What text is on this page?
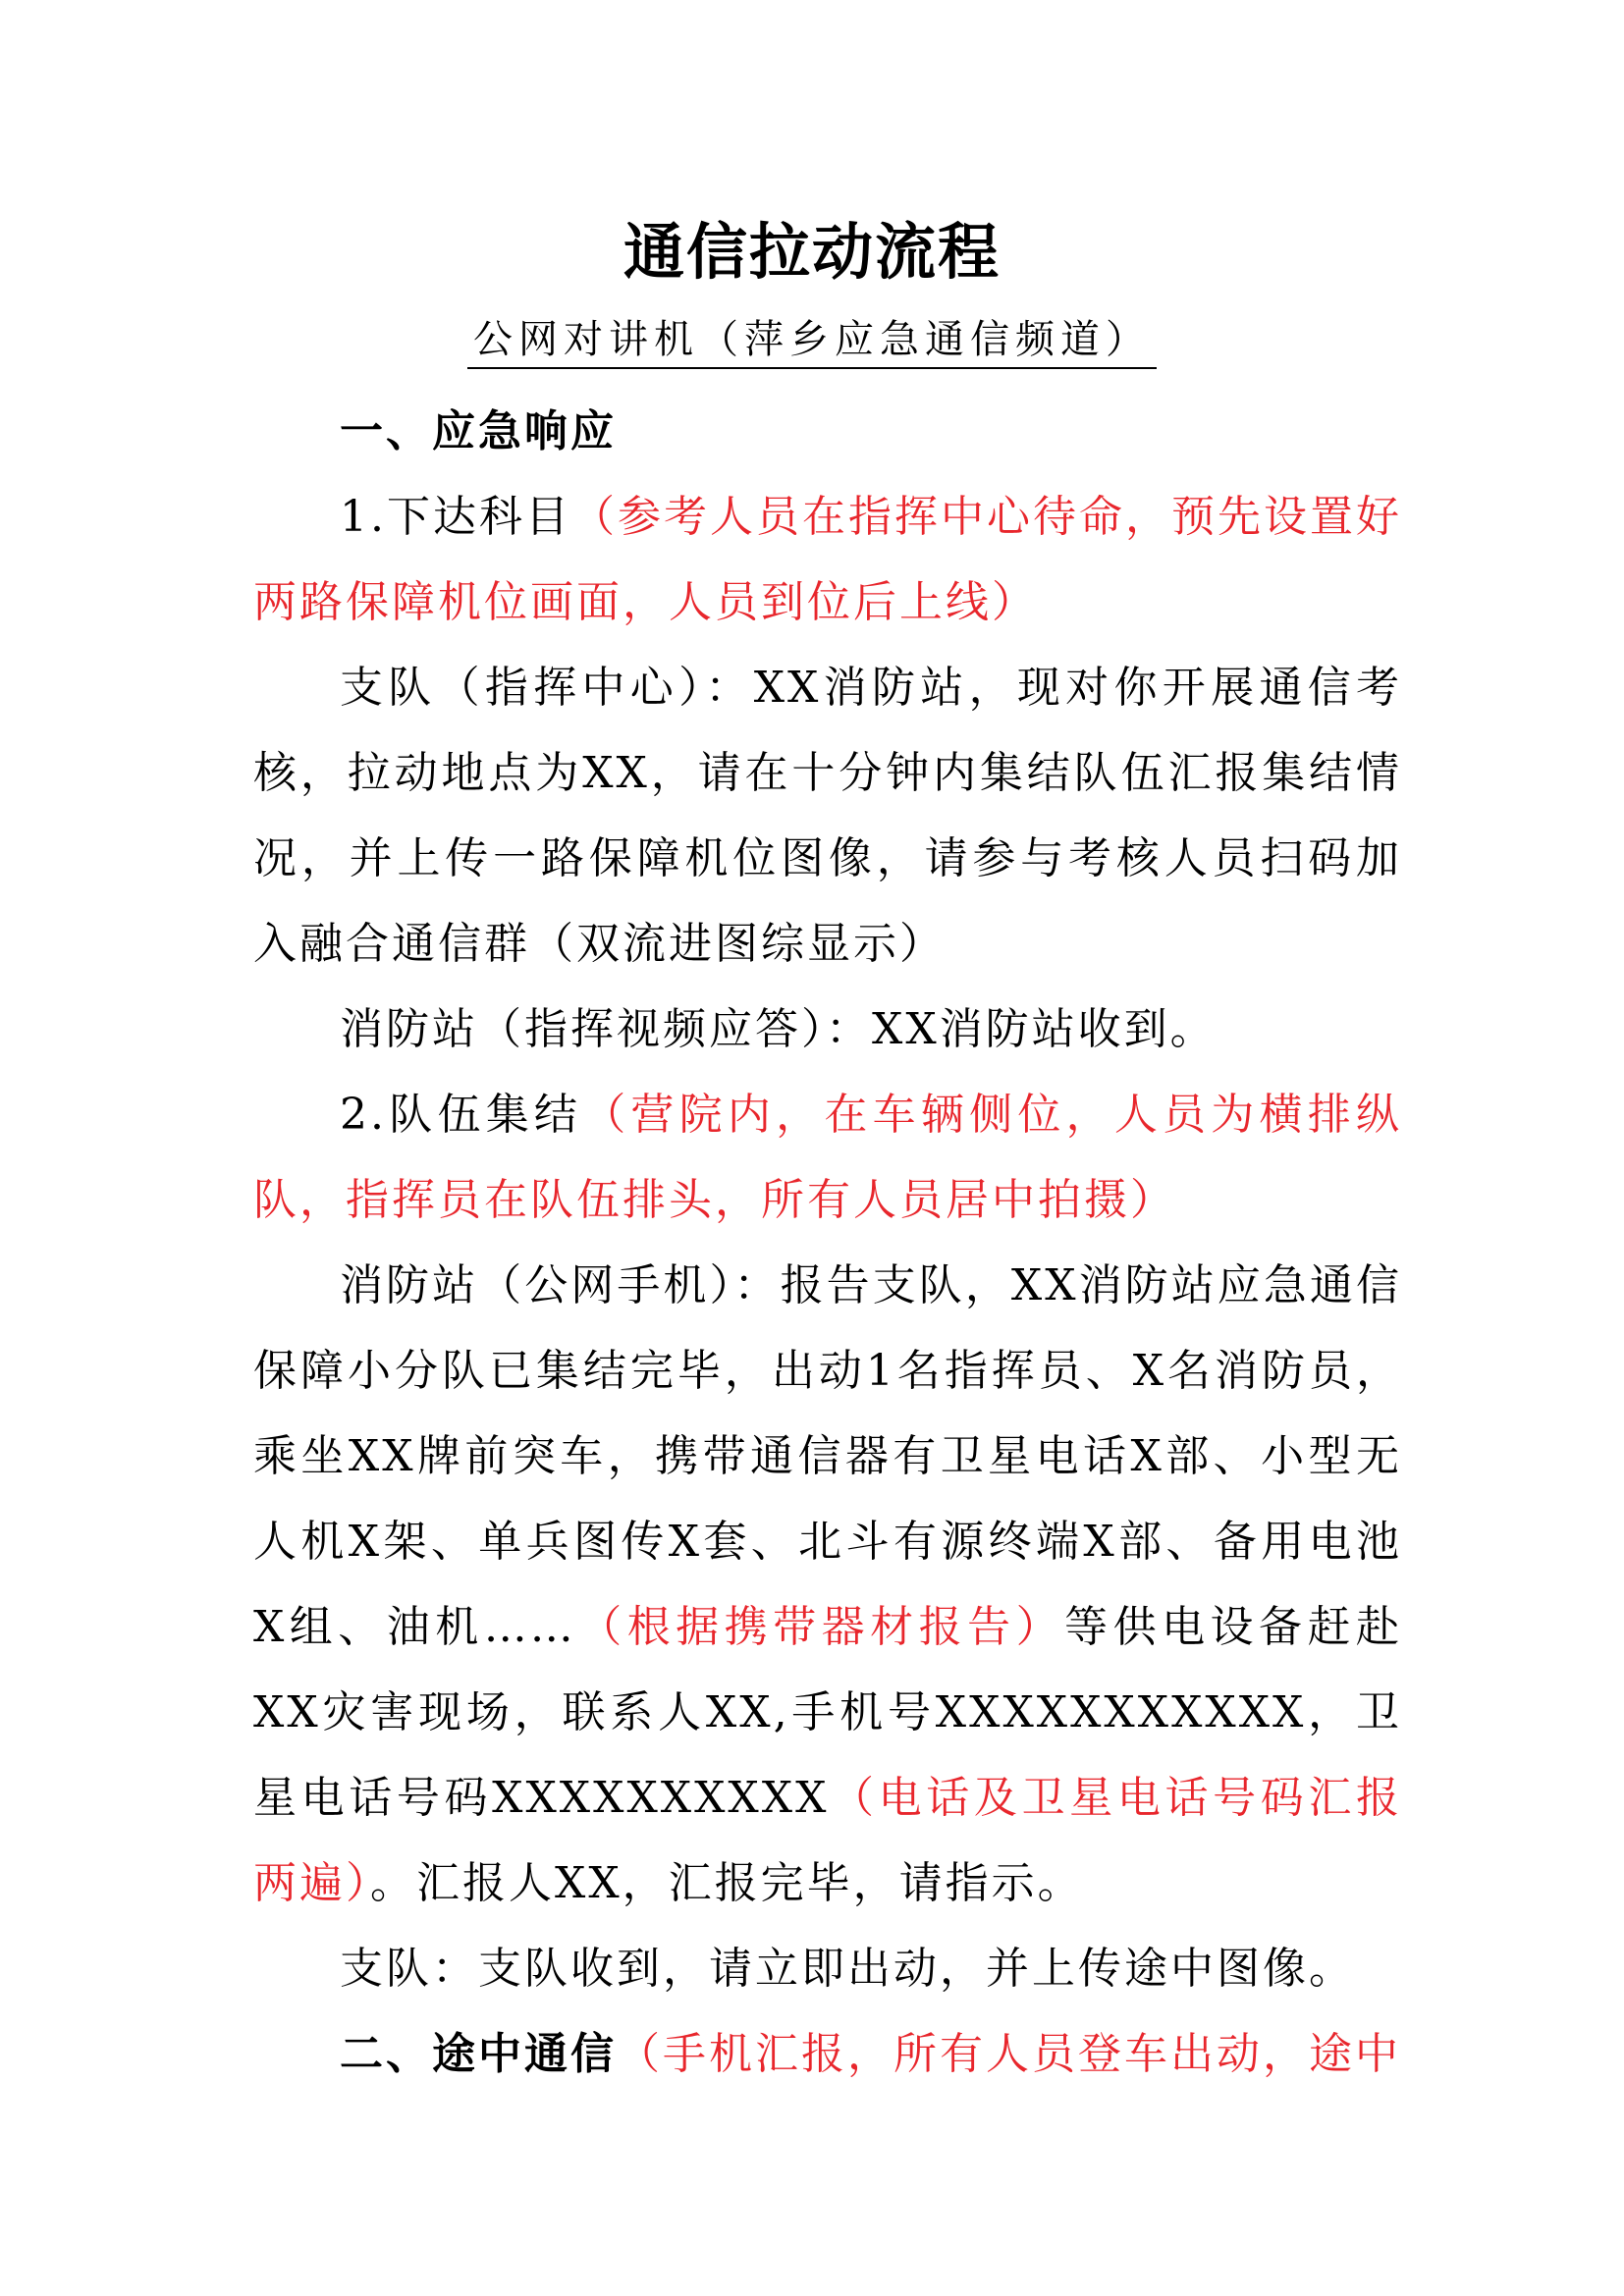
通信拉动流程
公网对讲机（萍乡应急通信频道）

一、应急响应

1.下达科目（参考人员在指挥中心待命，预先设置好两路保障机位画面，人员到位后上线）

支队（指挥中心）：XX消防站，现对你开展通信考核，拉动地点为XX，请在十分钟内集结队伍汇报集结情况，并上传一路保障机位图像，请参与考核人员扫码加入融合通信群（双流进图综显示）

消防站（指挥视频应答）：XX消防站收到。

2.队伍集结（营院内，在车辆侧位，人员为横排纵队，指挥员在队伍排头，所有人员居中拍摄）

消防站（公网手机）：报告支队，XX消防站应急通信保障小分队已集结完毕，出动1名指挥员、X名消防员，乘坐XX牌前突车，携带通信器有卫星电话X部、小型无人机X架、单兵图传X套、北斗有源终端X部、备用电池X组、油机……（根据携带器材报告）等供电设备赶赴XX灾害现场，联系人XX,手机号XXXXXXXXXXX，卫星电话号码XXXXXXXXXX（电话及卫星电话号码汇报两遍）。汇报人XX，汇报完毕，请指示。

支队：支队收到，请立即出动，并上传途中图像。

二、途中通信（手机汇报，所有人员登车出动，途中
